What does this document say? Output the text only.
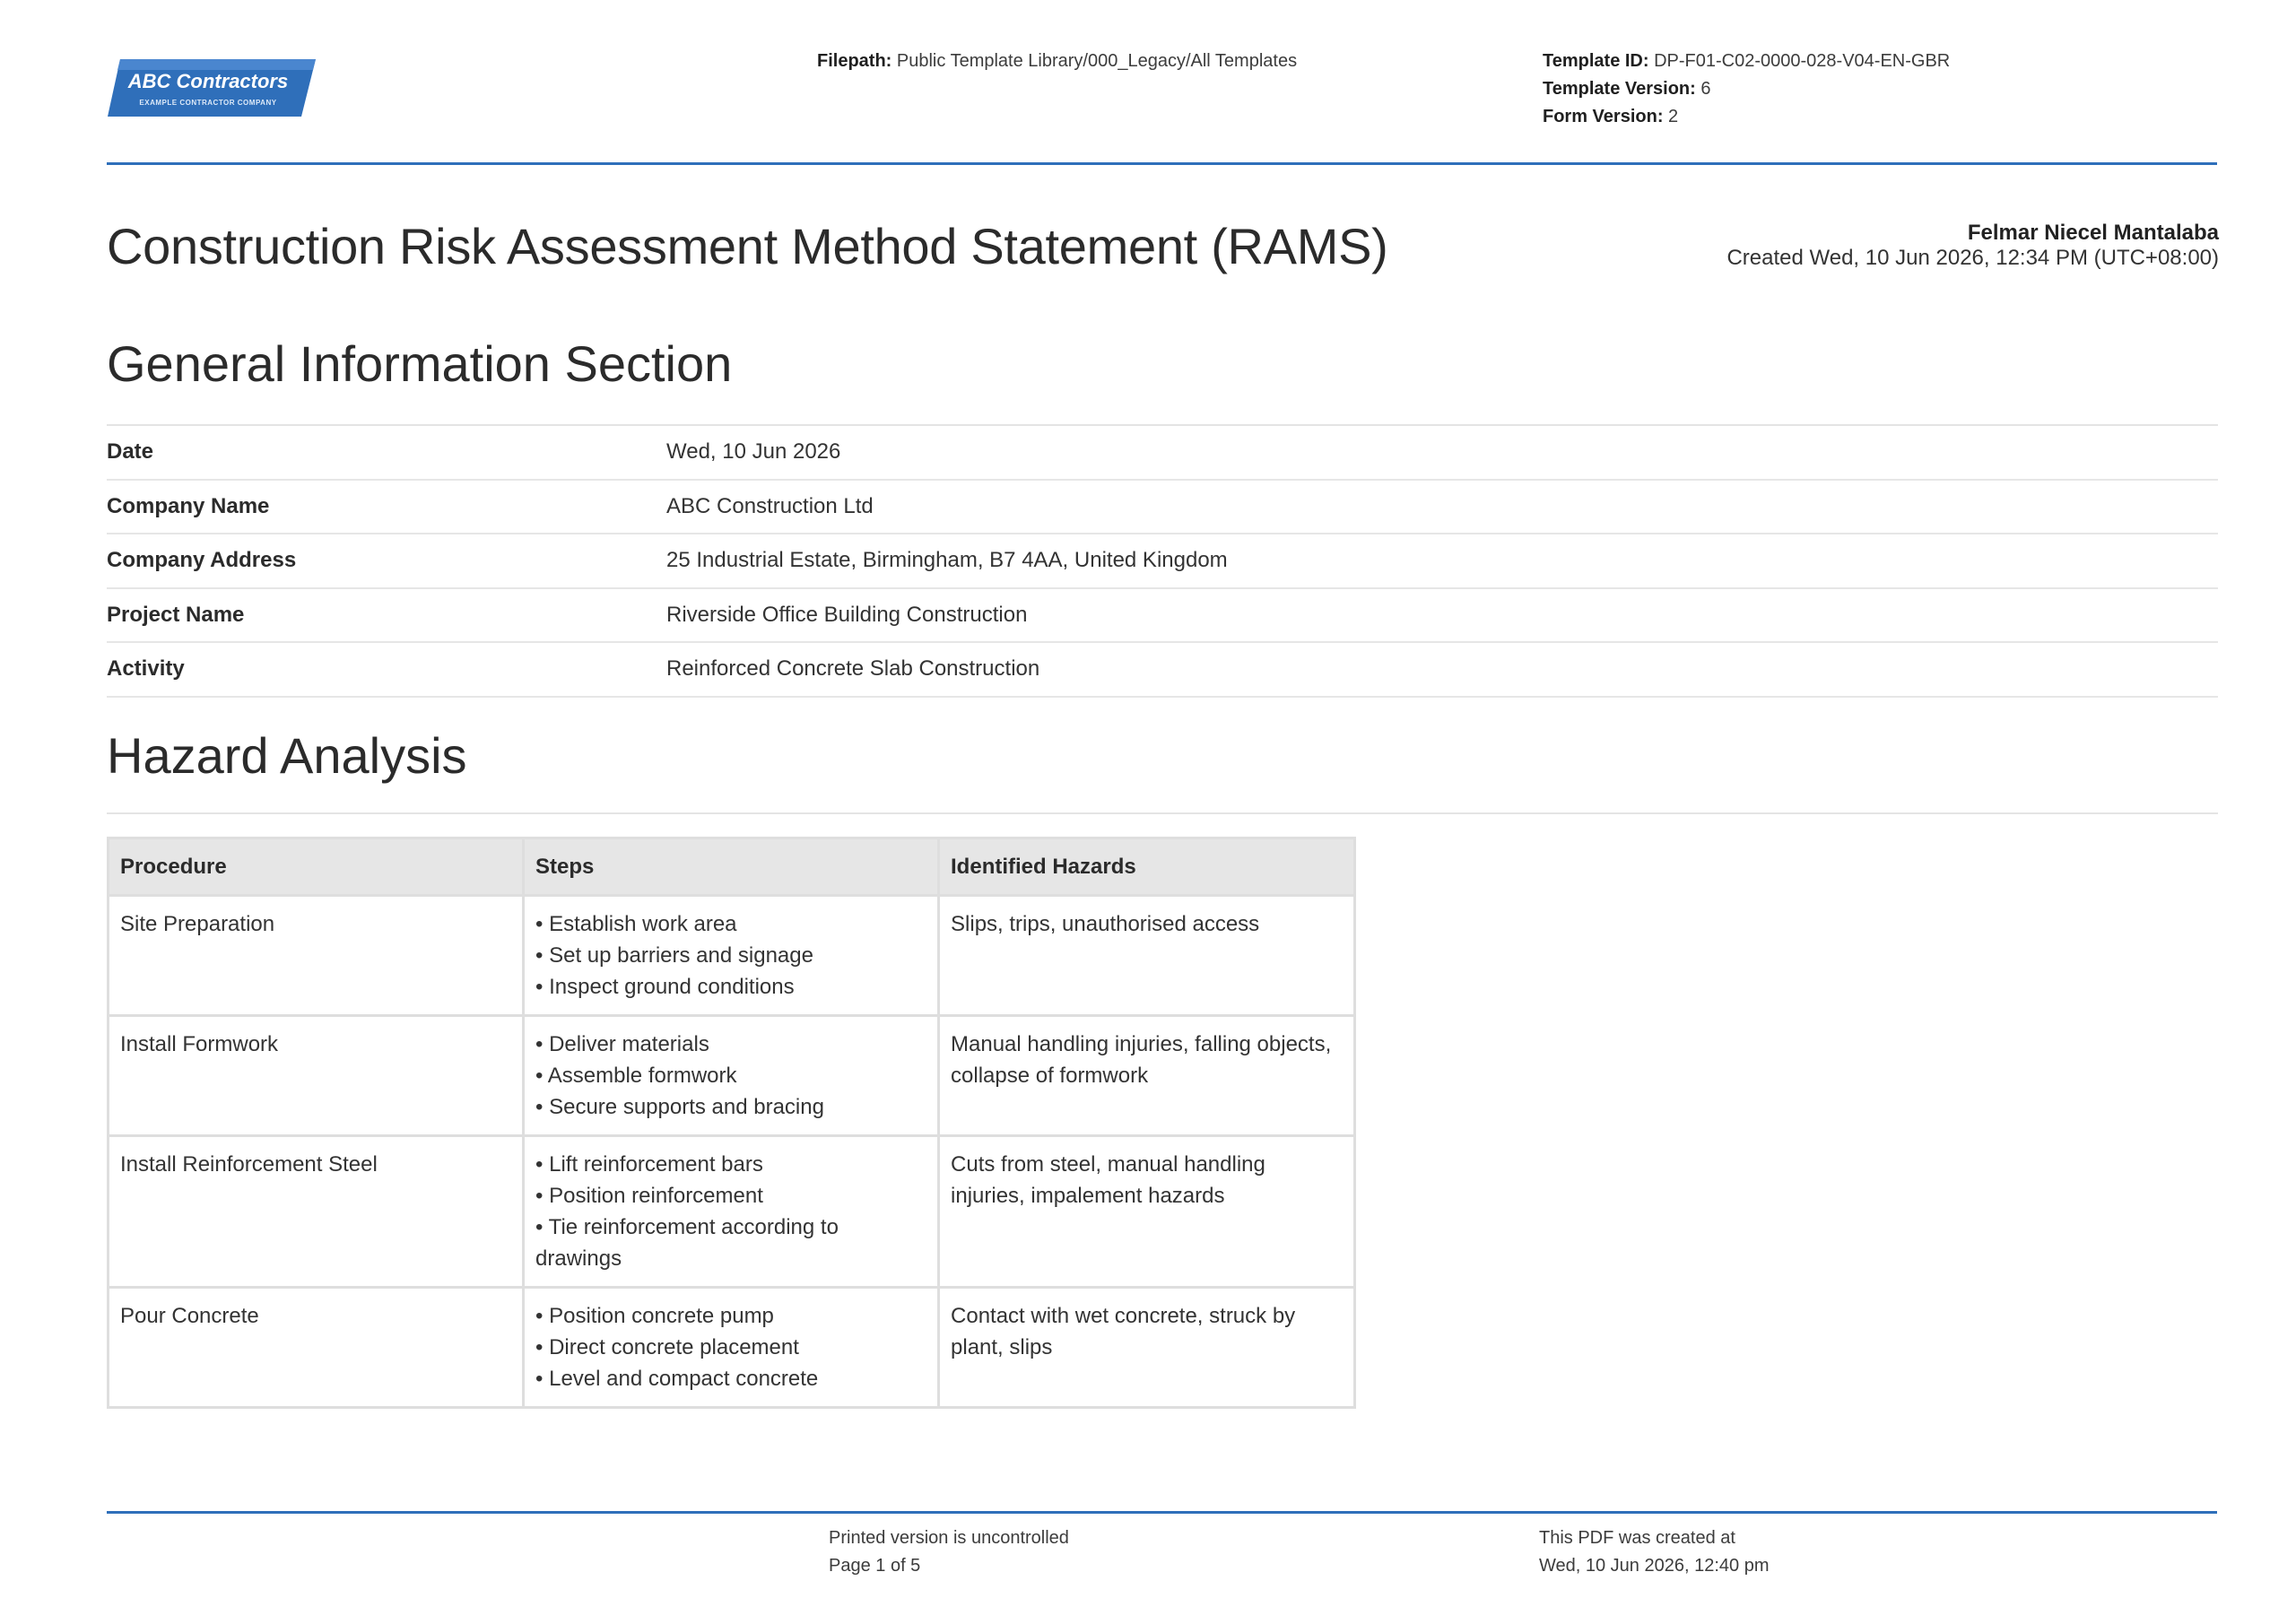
ABC Contractors
EXAMPLE CONTRACTOR COMPANY
Filepath: Public Template Library/000_Legacy/All Templates	Template ID: DP-F01-C02-0000-028-V04-EN-GBR
Template Version: 6
Form Version: 2
Construction Risk Assessment Method Statement (RAMS)	Felmar Niecel Mantalaba
Created Wed, 10 Jun 2026, 12:34 PM (UTC+08:00)
General Information Section
Date	Wed, 10 Jun 2026
Company Name	ABC Construction Ltd
Company Address	25 Industrial Estate, Birmingham, B7 4AA, United Kingdom
Project Name	Riverside Office Building Construction
Activity	Reinforced Concrete Slab Construction
Hazard Analysis
Procedure	Steps	Identified Hazards
Site Preparation	• Establish work area
• Set up barriers and signage
• Inspect ground conditions	Slips, trips, unauthorised access
Install Formwork	• Deliver materials
• Assemble formwork
• Secure supports and bracing	Manual handling injuries, falling objects, collapse of formwork
Install Reinforcement Steel	• Lift reinforcement bars
• Position reinforcement
• Tie reinforcement according to drawings	Cuts from steel, manual handling injuries, impalement hazards
Pour Concrete	• Position concrete pump
• Direct concrete placement
• Level and compact concrete	Contact with wet concrete, struck by plant, slips
Printed version is uncontrolled
Page 1 of 5
This PDF was created at
Wed, 10 Jun 2026, 12:40 pm
